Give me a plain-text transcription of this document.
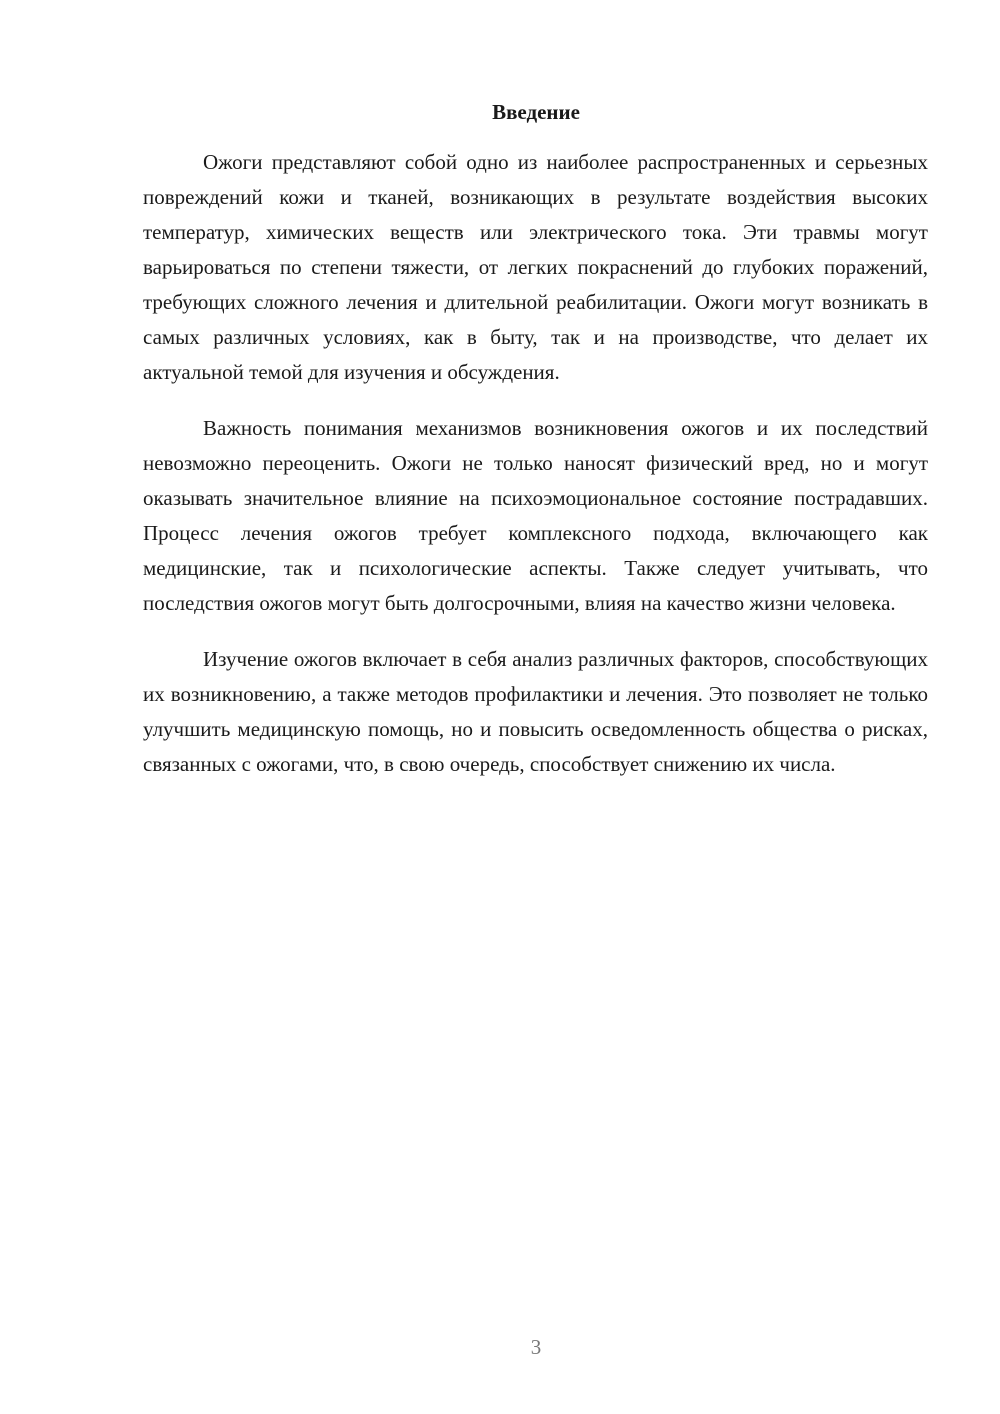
Введение

Ожоги представляют собой одно из наиболее распространенных и серьезных повреждений кожи и тканей, возникающих в результате воздействия высоких температур, химических веществ или электрического тока. Эти травмы могут варьироваться по степени тяжести, от легких покраснений до глубоких поражений, требующих сложного лечения и длительной реабилитации. Ожоги могут возникать в самых различных условиях, как в быту, так и на производстве, что делает их актуальной темой для изучения и обсуждения.

Важность понимания механизмов возникновения ожогов и их последствий невозможно переоценить. Ожоги не только наносят физический вред, но и могут оказывать значительное влияние на психоэмоциональное состояние пострадавших. Процесс лечения ожогов требует комплексного подхода, включающего как медицинские, так и психологические аспекты. Также следует учитывать, что последствия ожогов могут быть долгосрочными, влияя на качество жизни человека.

Изучение ожогов включает в себя анализ различных факторов, способствующих их возникновению, а также методов профилактики и лечения. Это позволяет не только улучшить медицинскую помощь, но и повысить осведомленность общества о рисках, связанных с ожогами, что, в свою очередь, способствует снижению их числа.

3
